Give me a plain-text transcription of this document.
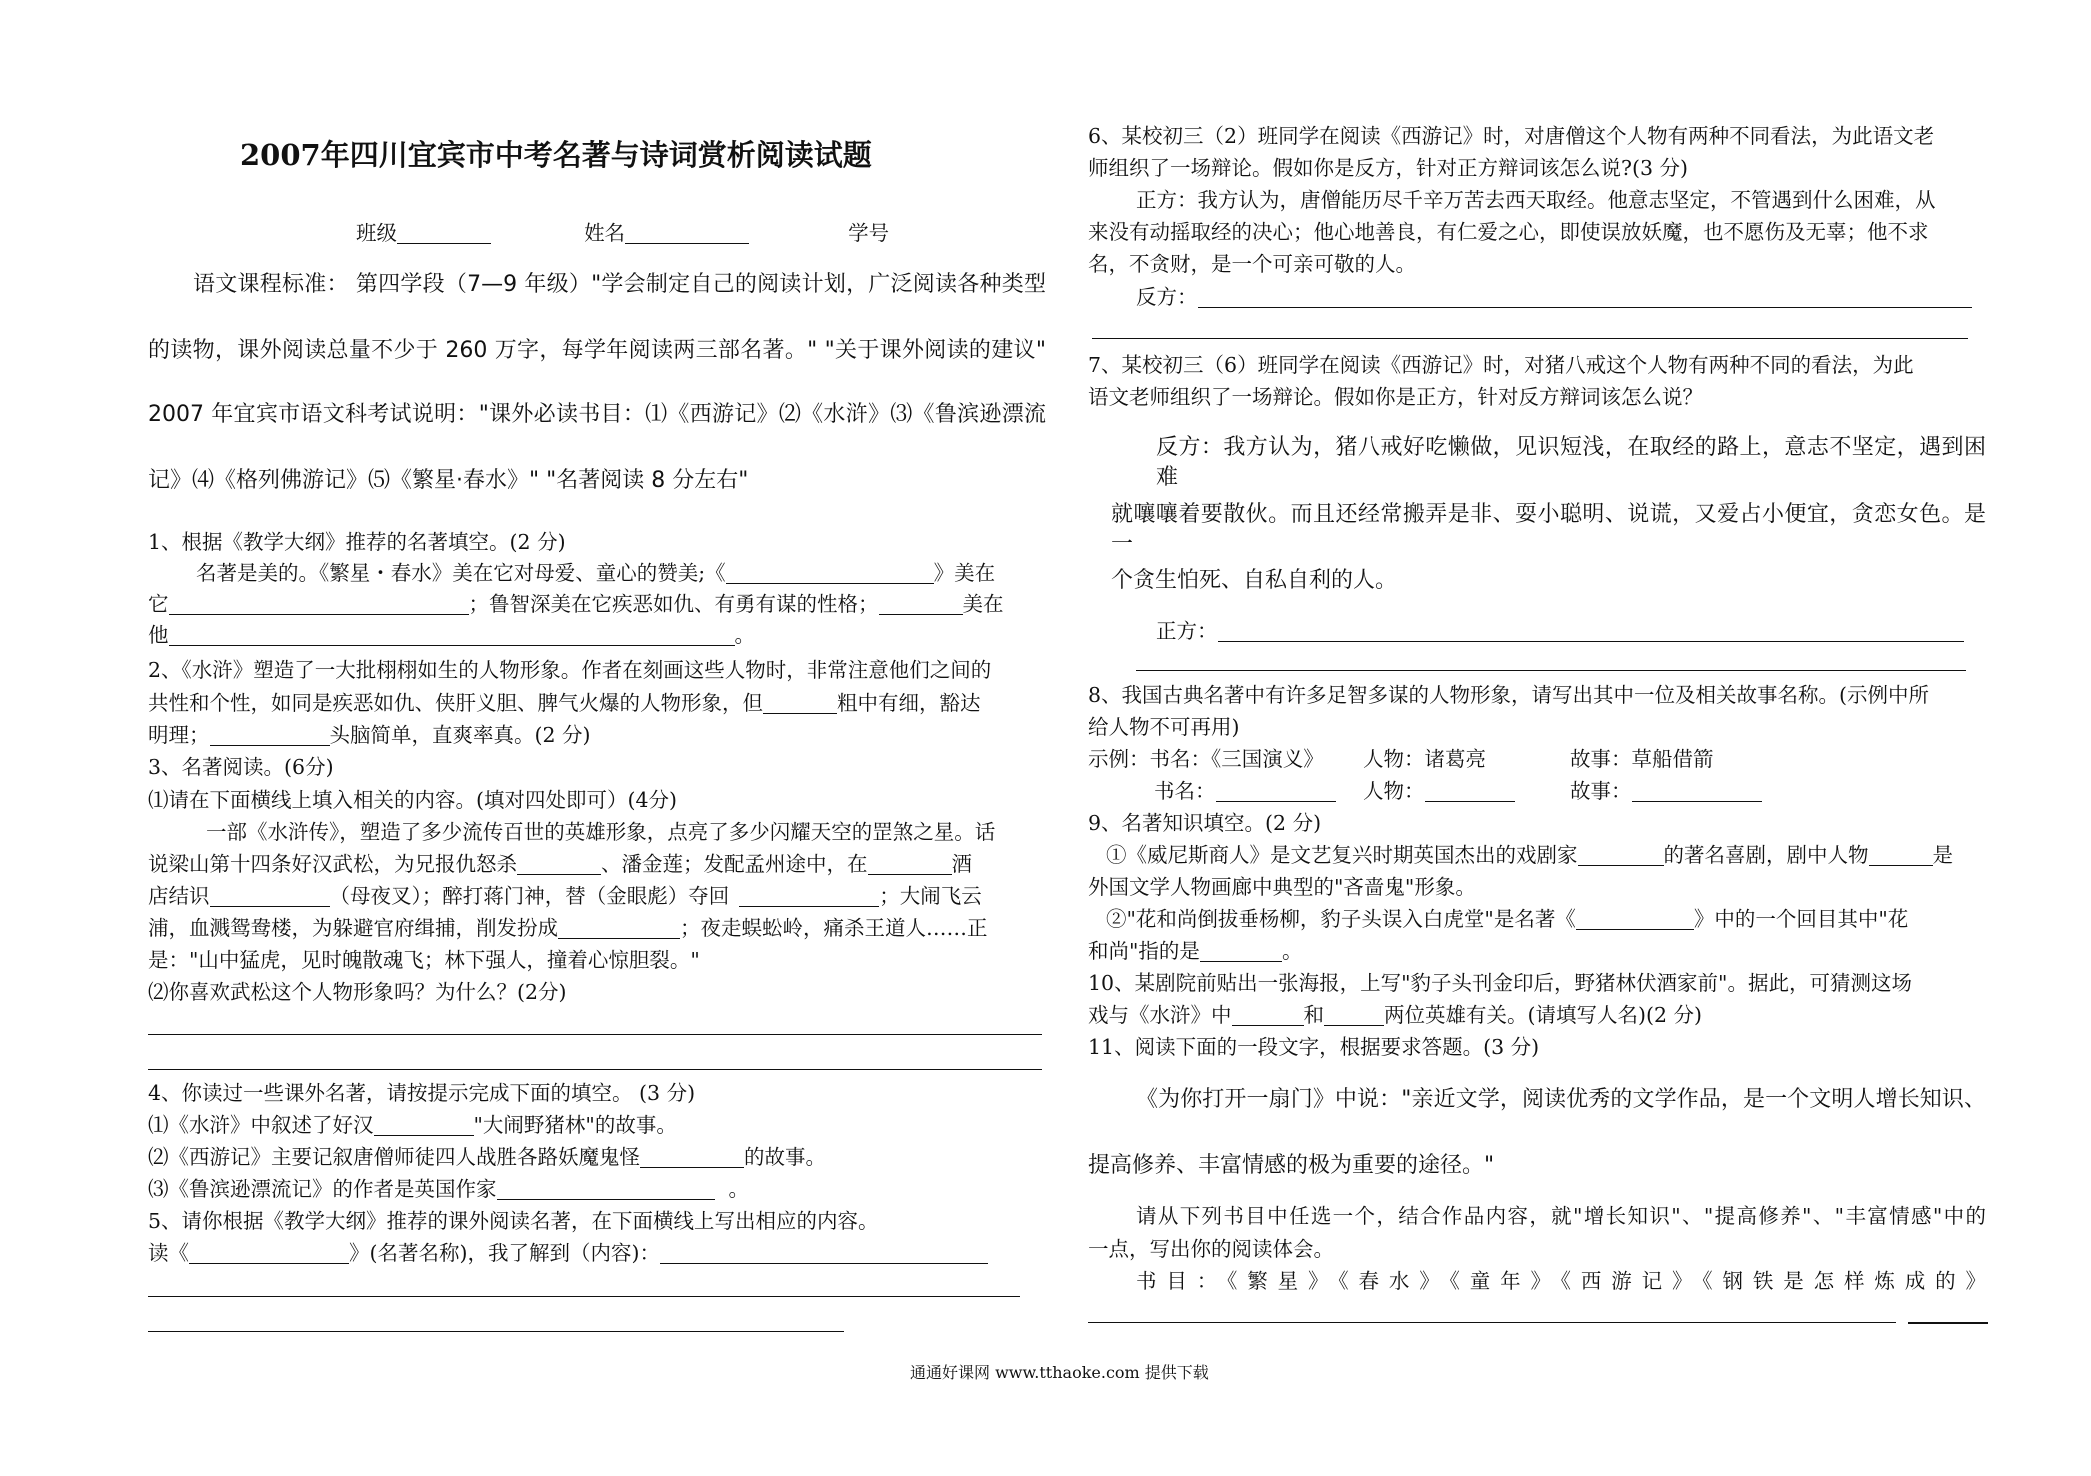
2007年四川宜宾市中考名著与诗词赏析阅读试题
班级	姓名	学号
语文课程标准： 第四学段（7—9 年级）"学会制定自己的阅读计划，广泛阅读各种类型
的读物，课外阅读总量不少于 260 万字，每学年阅读两三部名著。" "关于课外阅读的建议"
2007 年宜宾市语文科考试说明："课外必读书目：⑴《西游记》⑵《水浒》⑶《鲁滨逊漂流
记》⑷《格列佛游记》⑸《繁星·春水》" "名著阅读 8 分左右"
1、根据《教学大纲》推荐的名著填空。(2 分)
名著是美的。《繁星・春水》美在它对母爱、童心的赞美;《	》美在
它	；鲁智深美在它疾恶如仇、有勇有谋的性格；	美在
他	。
2、《水浒》塑造了一大批栩栩如生的人物形象。作者在刻画这些人物时，非常注意他们之间的
共性和个性，如同是疾恶如仇、侠肝义胆、脾气火爆的人物形象，但	粗中有细，豁达
明理；	头脑简单，直爽率真。(2 分)
3、名著阅读。(6分)
⑴请在下面横线上填入相关的内容。(填对四处即可）(4分)
一部《水浒传》，塑造了多少流传百世的英雄形象，点亮了多少闪耀天空的罡煞之星。话
说梁山第十四条好汉武松，为兄报仇怒杀	、潘金莲；发配孟州途中，在	酒
店结识	（母夜叉）；醉打蒋门神，替（金眼彪）夺回	；大闹飞云
浦，血溅鸳鸯楼，为躲避官府缉捕，削发扮成	；夜走蜈蚣岭，痛杀王道人……正
是："山中猛虎，见时魄散魂飞；林下强人，撞着心惊胆裂。"
⑵你喜欢武松这个人物形象吗？为什么？(2分)
4、你读过一些课外名著，请按提示完成下面的填空。 (3 分)
⑴《水浒》中叙述了好汉	"大闹野猪林"的故事。
⑵《西游记》主要记叙唐僧师徒四人战胜各路妖魔鬼怪	的故事。
⑶《鲁滨逊漂流记》的作者是英国作家	。
5、请你根据《教学大纲》推荐的课外阅读名著，在下面横线上写出相应的内容。
读《	》(名著名称)，我了解到（内容)：
6、某校初三（2）班同学在阅读《西游记》时，对唐僧这个人物有两种不同看法，为此语文老
师组织了一场辩论。假如你是反方，针对正方辩词该怎么说?(3 分)
正方：我方认为，唐僧能历尽千辛万苦去西天取经。他意志坚定，不管遇到什么困难，从
来没有动摇取经的决心；他心地善良，有仁爱之心，即使误放妖魔，也不愿伤及无辜；他不求
名，不贪财，是一个可亲可敬的人。
反方：
7、某校初三（6）班同学在阅读《西游记》时，对猪八戒这个人物有两种不同的看法，为此
语文老师组织了一场辩论。假如你是正方，针对反方辩词该怎么说？
反方：我方认为，猪八戒好吃懒做，见识短浅，在取经的路上，意志不坚定，遇到困难
就嚷嚷着要散伙。而且还经常搬弄是非、耍小聪明、说谎，又爱占小便宜，贪恋女色。是一
个贪生怕死、自私自利的人。
正方：
8、我国古典名著中有许多足智多谋的人物形象，请写出其中一位及相关故事名称。(示例中所
给人物不可再用)
示例：书名：《三国演义》 人物：诸葛亮	故事：草船借箭
书名：	人物：	故事：
9、名著知识填空。(2 分)
①《威尼斯商人》是文艺复兴时期英国杰出的戏剧家	的著名喜剧，剧中人物	是
外国文学人物画廊中典型的"吝啬鬼"形象。
②"花和尚倒拔垂杨柳，豹子头误入白虎堂"是名著《	》中的一个回目其中"花
和尚"指的是	。
10、某剧院前贴出一张海报，上写"豹子头刊金印后，野猪林伏酒家前"。据此，可猜测这场
戏与《水浒》中	和	两位英雄有关。(请填写人名)(2 分)
11、阅读下面的一段文字，根据要求答题。(3 分)
《为你打开一扇门》中说："亲近文学，阅读优秀的文学作品，是一个文明人增长知识、
提高修养、丰富情感的极为重要的途径。"
请从下列书目中任选一个，结合作品内容，就"增长知识"、"提高修养"、"丰富情感"中的
一点，写出你的阅读体会。
书目：《繁星》《春水》《童年》《西游记》《钢铁是怎样炼成的》
通通好课网 www.tthaoke.com 提供下载
